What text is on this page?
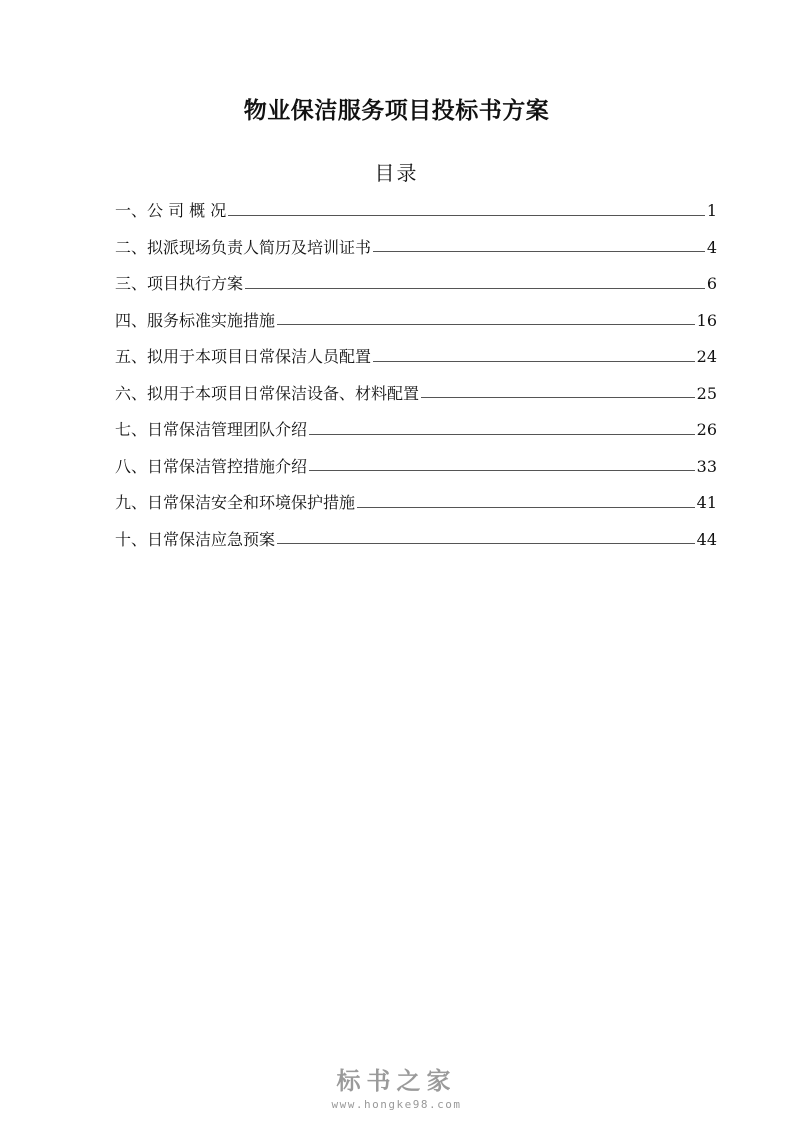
物业保洁服务项目投标书方案
目录
一、公 司 概 况	1
二、拟派现场负责人简历及培训证书	4
三、项目执行方案	6
四、服务标准实施措施	16
五、拟用于本项目日常保洁人员配置	24
六、拟用于本项目日常保洁设备、材料配置	25
七、日常保洁管理团队介绍	26
八、日常保洁管控措施介绍	33
九、日常保洁安全和环境保护措施	41
十、日常保洁应急预案	44
标书之家
www.hongke98.com
